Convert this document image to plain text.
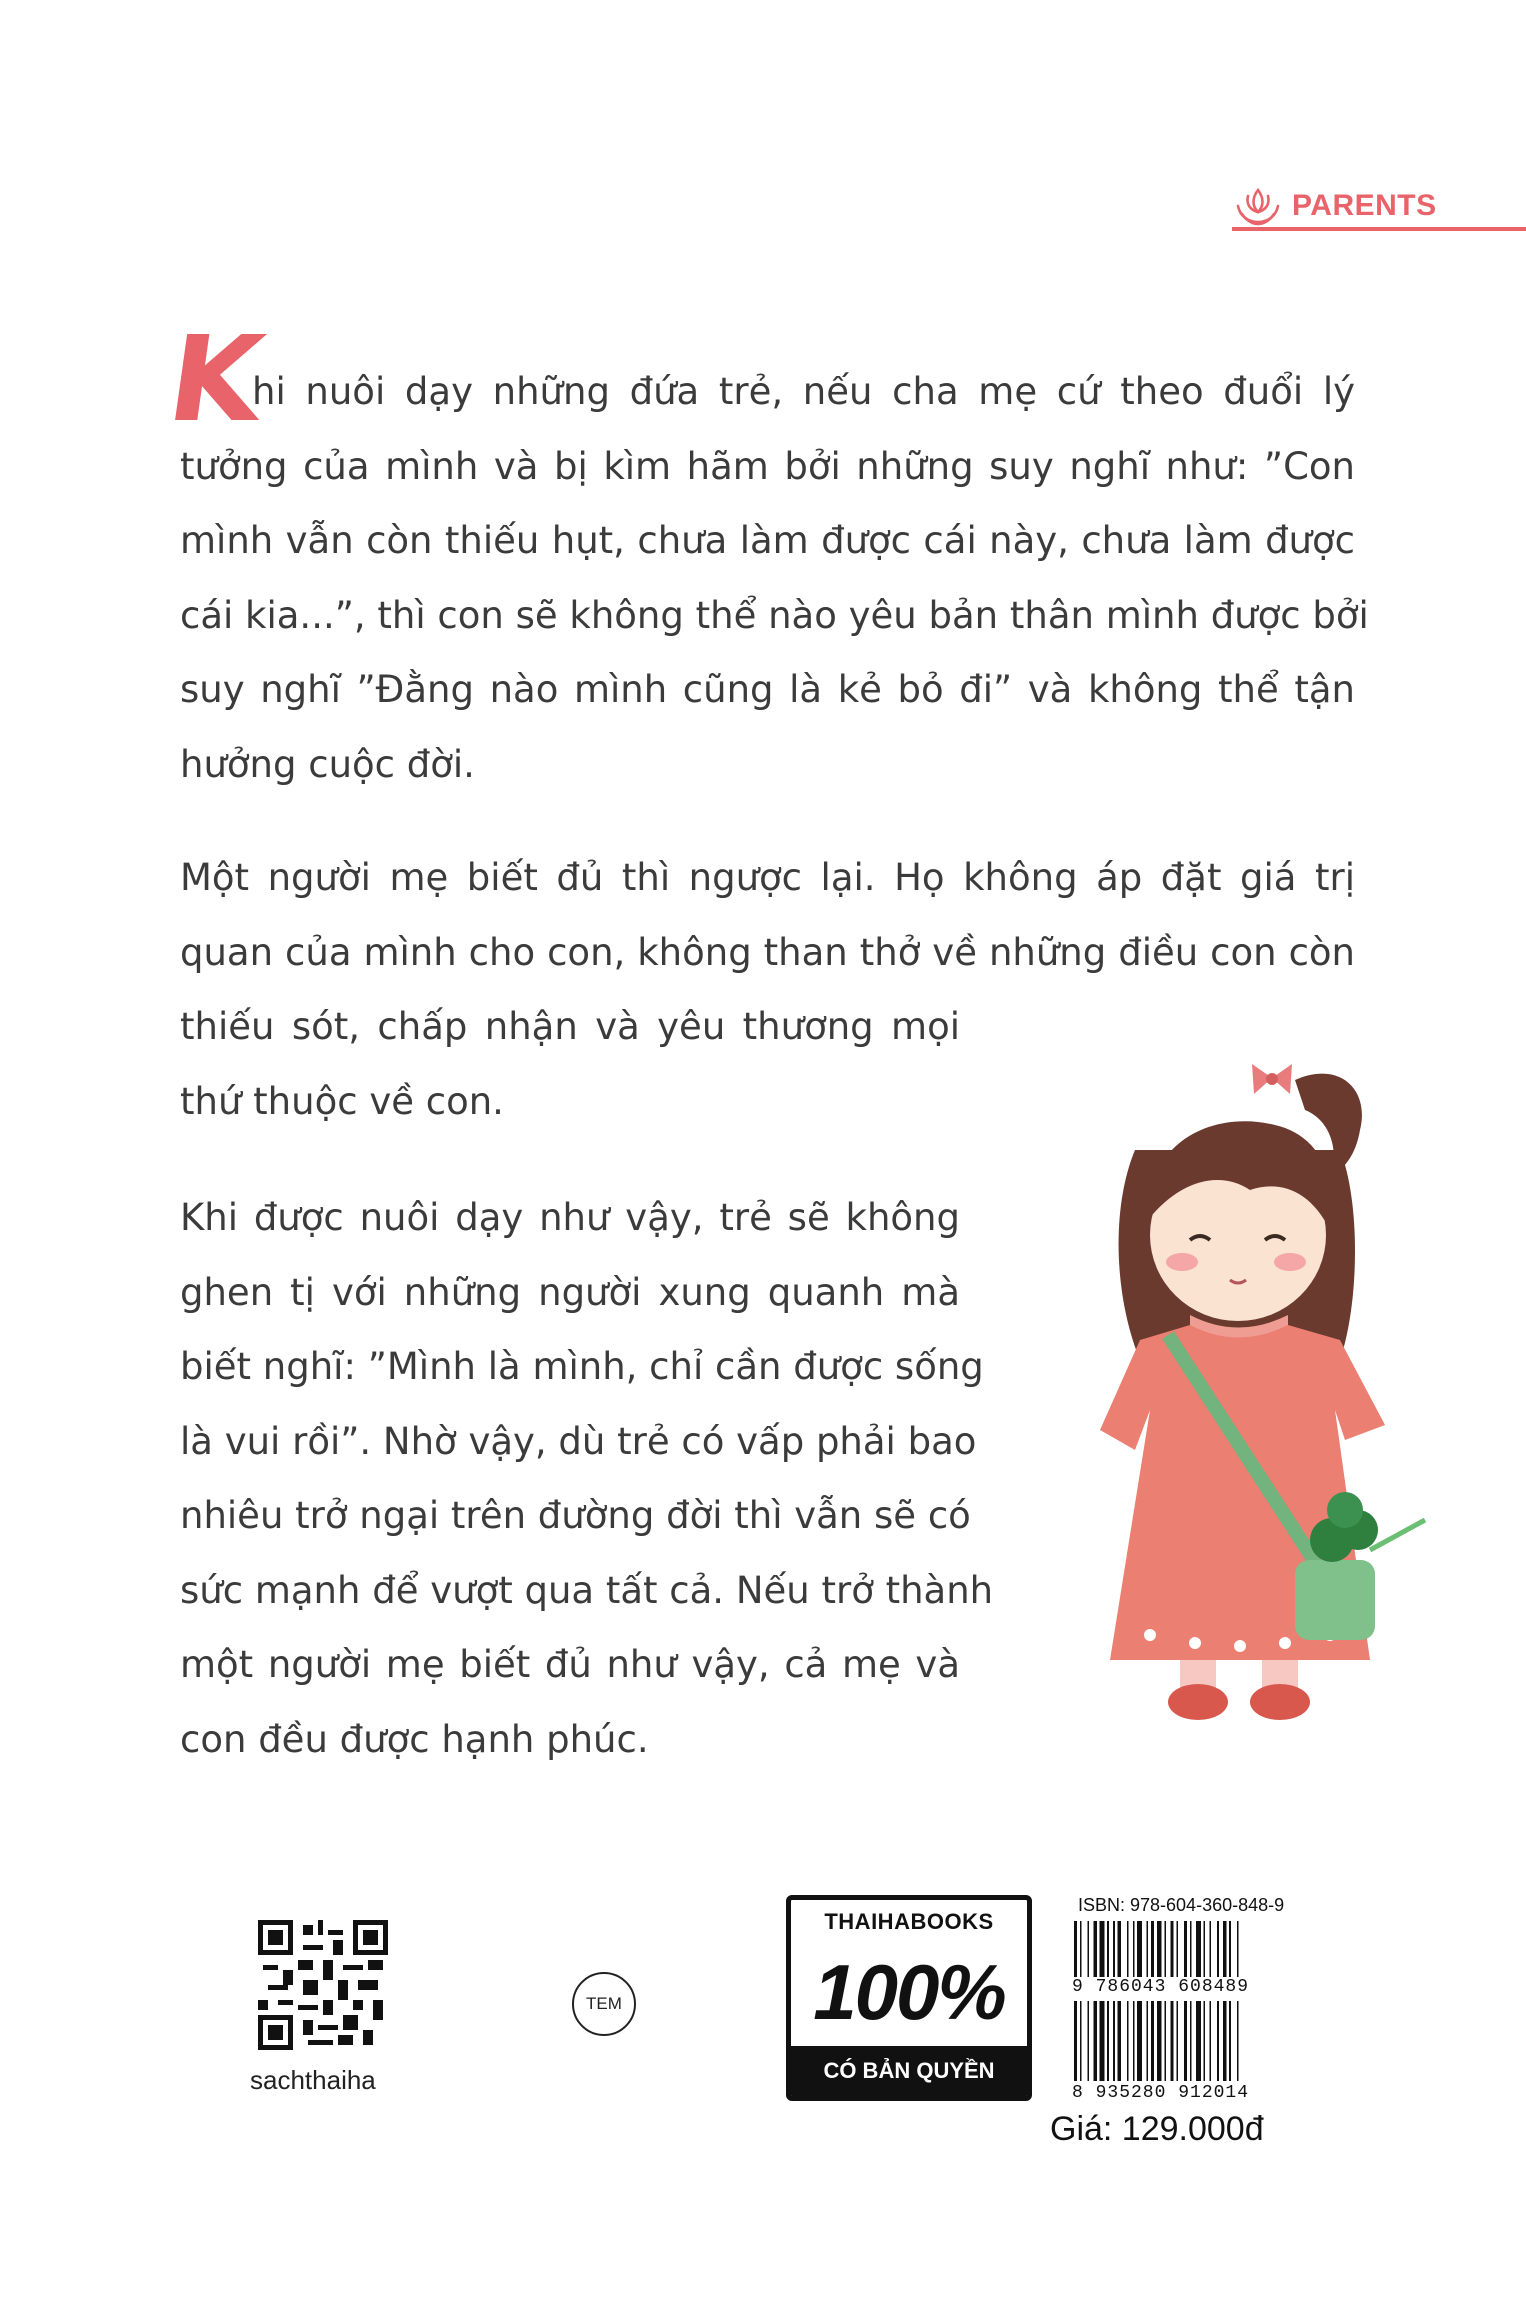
PARENTS
K
hi nuôi dạy những đứa trẻ, nếu cha mẹ cứ theo đuổi lý
tưởng của mình và bị kìm hãm bởi những suy nghĩ như: ”Con
mình vẫn còn thiếu hụt, chưa làm được cái này, chưa làm được
cái kia...”, thì con sẽ không thể nào yêu bản thân mình được bởi
suy nghĩ ”Đằng nào mình cũng là kẻ bỏ đi” và không thể tận
hưởng cuộc đời.
Một người mẹ biết đủ thì ngược lại. Họ không áp đặt giá trị
quan của mình cho con, không than thở về những điều con còn
thiếu sót, chấp nhận và yêu thương mọi
thứ thuộc về con.
Khi được nuôi dạy như vậy, trẻ sẽ không
ghen tị với những người xung quanh mà
biết nghĩ: ”Mình là mình, chỉ cần được sống
là vui rồi”. Nhờ vậy, dù trẻ có vấp phải bao
nhiêu trở ngại trên đường đời thì vẫn sẽ có
sức mạnh để vượt qua tất cả. Nếu trở thành
một người mẹ biết đủ như vậy, cả mẹ và
con đều được hạnh phúc.
sachthaiha
TEM
THAIHABOOKS
100%
CÓ BẢN QUYỀN
ISBN: 978-604-360-848-9
9 786043 608489
8 935280 912014
Giá: 129.000đ
